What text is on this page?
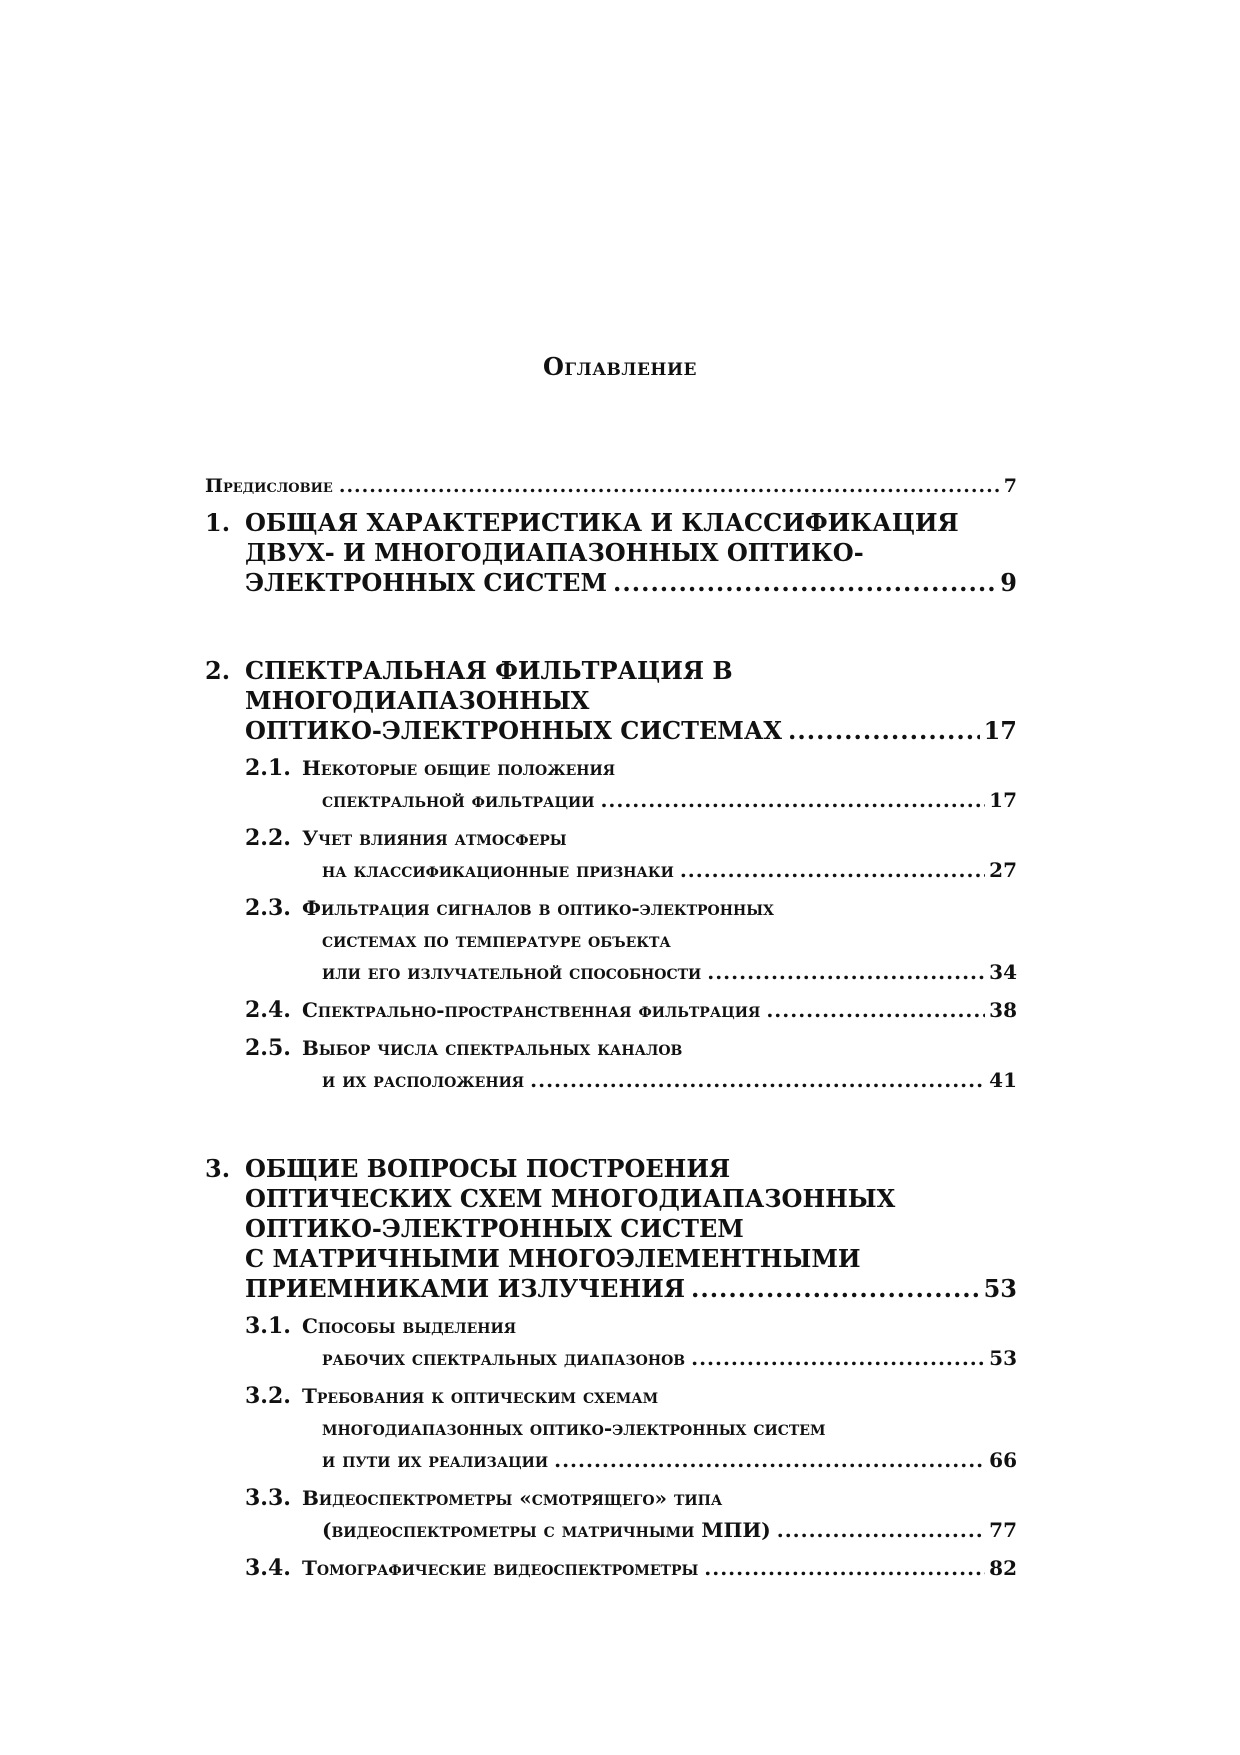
Оглавление
Предисловие .....	7
1. ОБЩАЯ ХАРАКТЕРИСТИКА И КЛАССИФИКАЦИЯ
ДВУХ- И МНОГОДИАПАЗОННЫХ ОПТИКО-
ЭЛЕКТРОННЫХ СИСТЕМ .....	9
2. СПЕКТРАЛЬНАЯ ФИЛЬТРАЦИЯ В
МНОГОДИАПАЗОННЫХ
ОПТИКО-ЭЛЕКТРОННЫХ СИСТЕМАХ .....	17
2.1. Некоторые общие положения
спектральной фильтрации .....	17
2.2. Учет влияния атмосферы
на классификационные признаки .....	27
2.3. Фильтрация сигналов в оптико-электронных
системах по температуре объекта
или его излучательной способности .....	34
2.4. Спектрально-пространственная фильтрация .....	38
2.5. Выбор числа спектральных каналов
и их расположения .....	41
3. ОБЩИЕ ВОПРОСЫ ПОСТРОЕНИЯ
ОПТИЧЕСКИХ СХЕМ МНОГОДИАПАЗОННЫХ
ОПТИКО-ЭЛЕКТРОННЫХ СИСТЕМ
С МАТРИЧНЫМИ МНОГОЭЛЕМЕНТНЫМИ
ПРИЕМНИКАМИ ИЗЛУЧЕНИЯ .....	53
3.1. Способы выделения
рабочих спектральных диапазонов .....	53
3.2. Требования к оптическим схемам
многодиапазонных оптико-электронных систем
и пути их реализации .....	66
3.3. Видеоспектрометры «смотрящего» типа
(видеоспектрометры с матричными МПИ) .....	77
3.4. Томографические видеоспектрометры .....	82
